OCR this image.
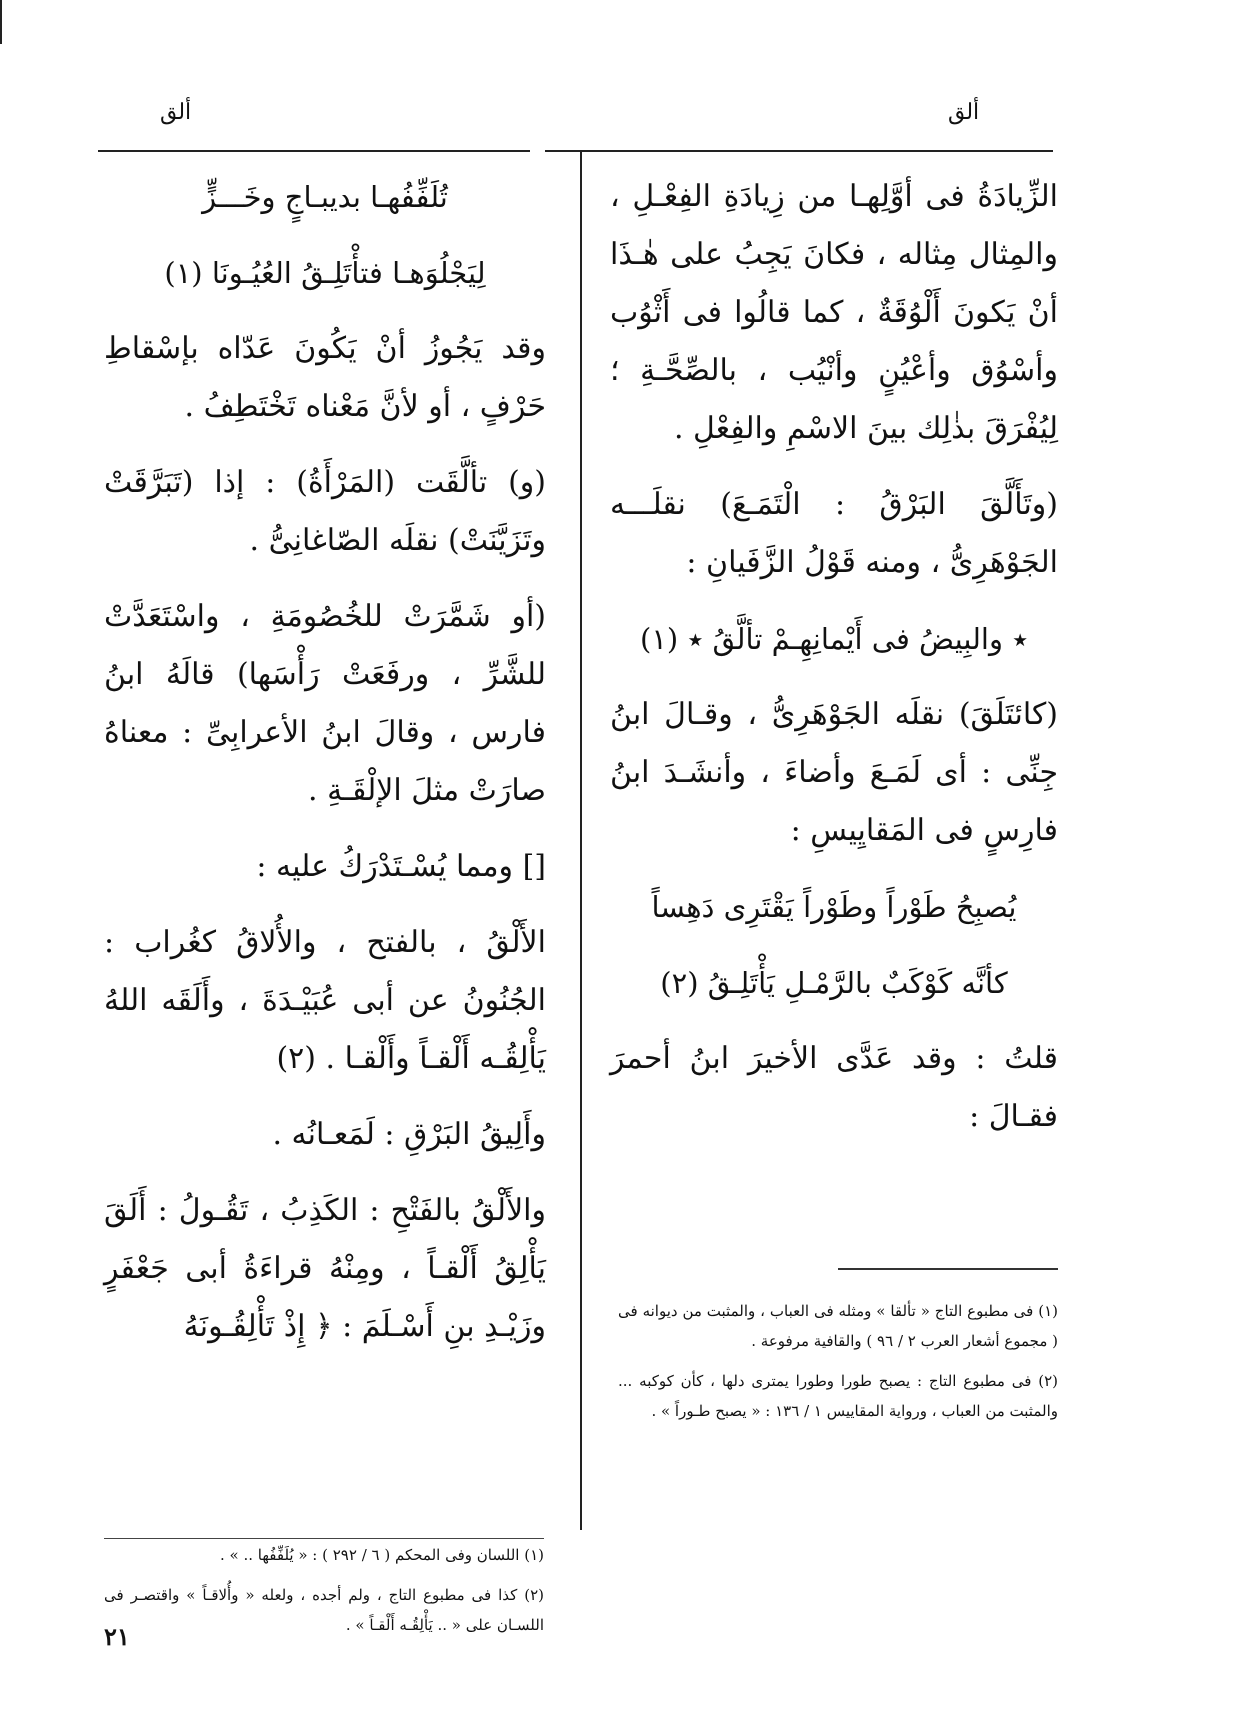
ألق	ألق

الزِّيادَةُ فى أوَّلِهـا من زِيادَةِ الفِعْـلِ ، والمِثال مِثاله ، فكانَ يَجِبُ على هٰـذَا أنْ يَكونَ أَلْوُقَةٌ ، كما قالُوا فى أَثْوُب وأسْوُق وأعْيُنٍ وأنْيُب ، بالصِّحَّـةِ ؛ لِيُفْرَقَ بذٰلِك بينَ الاسْمِ والفِعْلِ .

(وتَأَلَّقَ البَرْقُ : الْتَمَـعَ) نقلَـــه الجَوْهَرِىُّ ، ومنه قَوْلُ الزَّفَيانِ :

٭ والبِيضُ فى أَيْمانِهِـمْ تألَّقُ ٭ (١)

(كائتَلَقَ) نقلَه الجَوْهَرِىُّ ، وقـالَ ابنُ جِنِّى : أى لَمَـعَ وأضاءَ ، وأنشَـدَ ابنُ فارِسٍ فى المَقايِيسِ :

يُصبِحُ طَوْراً وطَوْراً يَقْتَرِى دَهِساً

كأنَّه كَوْكَبٌ بالرَّمْـلِ يَأْتَلِـقُ (٢)

قلتُ : وقد عَدَّى الأخيرَ ابنُ أحمرَ فقـالَ :

(١) فى مطبوع التاج « تألقا » ومثله فى العباب ، والمثبت من ديوانه فى ( مجموع أشعار العرب ٢ / ٩٦ ) والقافية مرفوعة .

(٢) فى مطبوع التاج : يصبح طورا وطورا يمترى دلها ، كأن كوكبه ... والمثبت من العباب ، ورواية المقاييس ١ / ١٣٦ : « يصبح طـوراً » .

تُلَفِّفُهـا بديبـاجٍ وخَـــزٍّ

لِيَجْلُوَهـا فتأْتَلِـقُ العُيُـونَا (١)

وقد يَجُوزُ أنْ يَكُونَ عَدّاه بإسْقاطِ حَرْفٍ ، أو لأنَّ مَعْناه تَخْتَطِفُ .

(و) تألَّقَت (المَرْأَةُ) : إذا (تَبَرَّقَتْ وتَزَيَّنَتْ) نقلَه الصّاغانِىُّ .

(أو شَمَّرَتْ للخُصُومَةِ ، واسْتَعَدَّتْ للشَّرِّ ، ورفَعَتْ رَأْسَها) قالَهُ ابنُ فارس ، وقالَ ابنُ الأعرابِىِّ : معناهُ صارَتْ مثلَ الإلْقَـةِ .

[] ومما يُسْـتَدْرَكُ عليه :

الأَلْقُ ، بالفتح ، والأُلاقُ كغُراب : الجُنُونُ عن أبى عُبَيْـدَةَ ، وأَلَقَه اللهُ يَأْلِقُـه أَلْقـاً وأَلْقـا . (٢)

وأَلِيقُ البَرْقِ : لَمَعـانُه .

والأَلْقُ بالفَتْحِ : الكَذِبُ ، تَقُـولُ : أَلَقَ يَأْلِقُ أَلْقـاً ، ومِنْهُ قراءَةُ أبى جَعْفَرٍ وزَيْـدِ بنِ أَسْـلَمَ : ﴿ إِذْ تَأْلِقُـونَهُ

(١) اللسان وفى المحكم ( ٦ / ٢٩٢ ) : « يُلَفِّفُها .. » .

(٢) كذا فى مطبوع التاج ، ولم أجده ، ولعله « وأُلاقـاً » واقتصـر فى اللسـان على « .. يَأْلِقُـه أَلْقـاً » .

٢١
